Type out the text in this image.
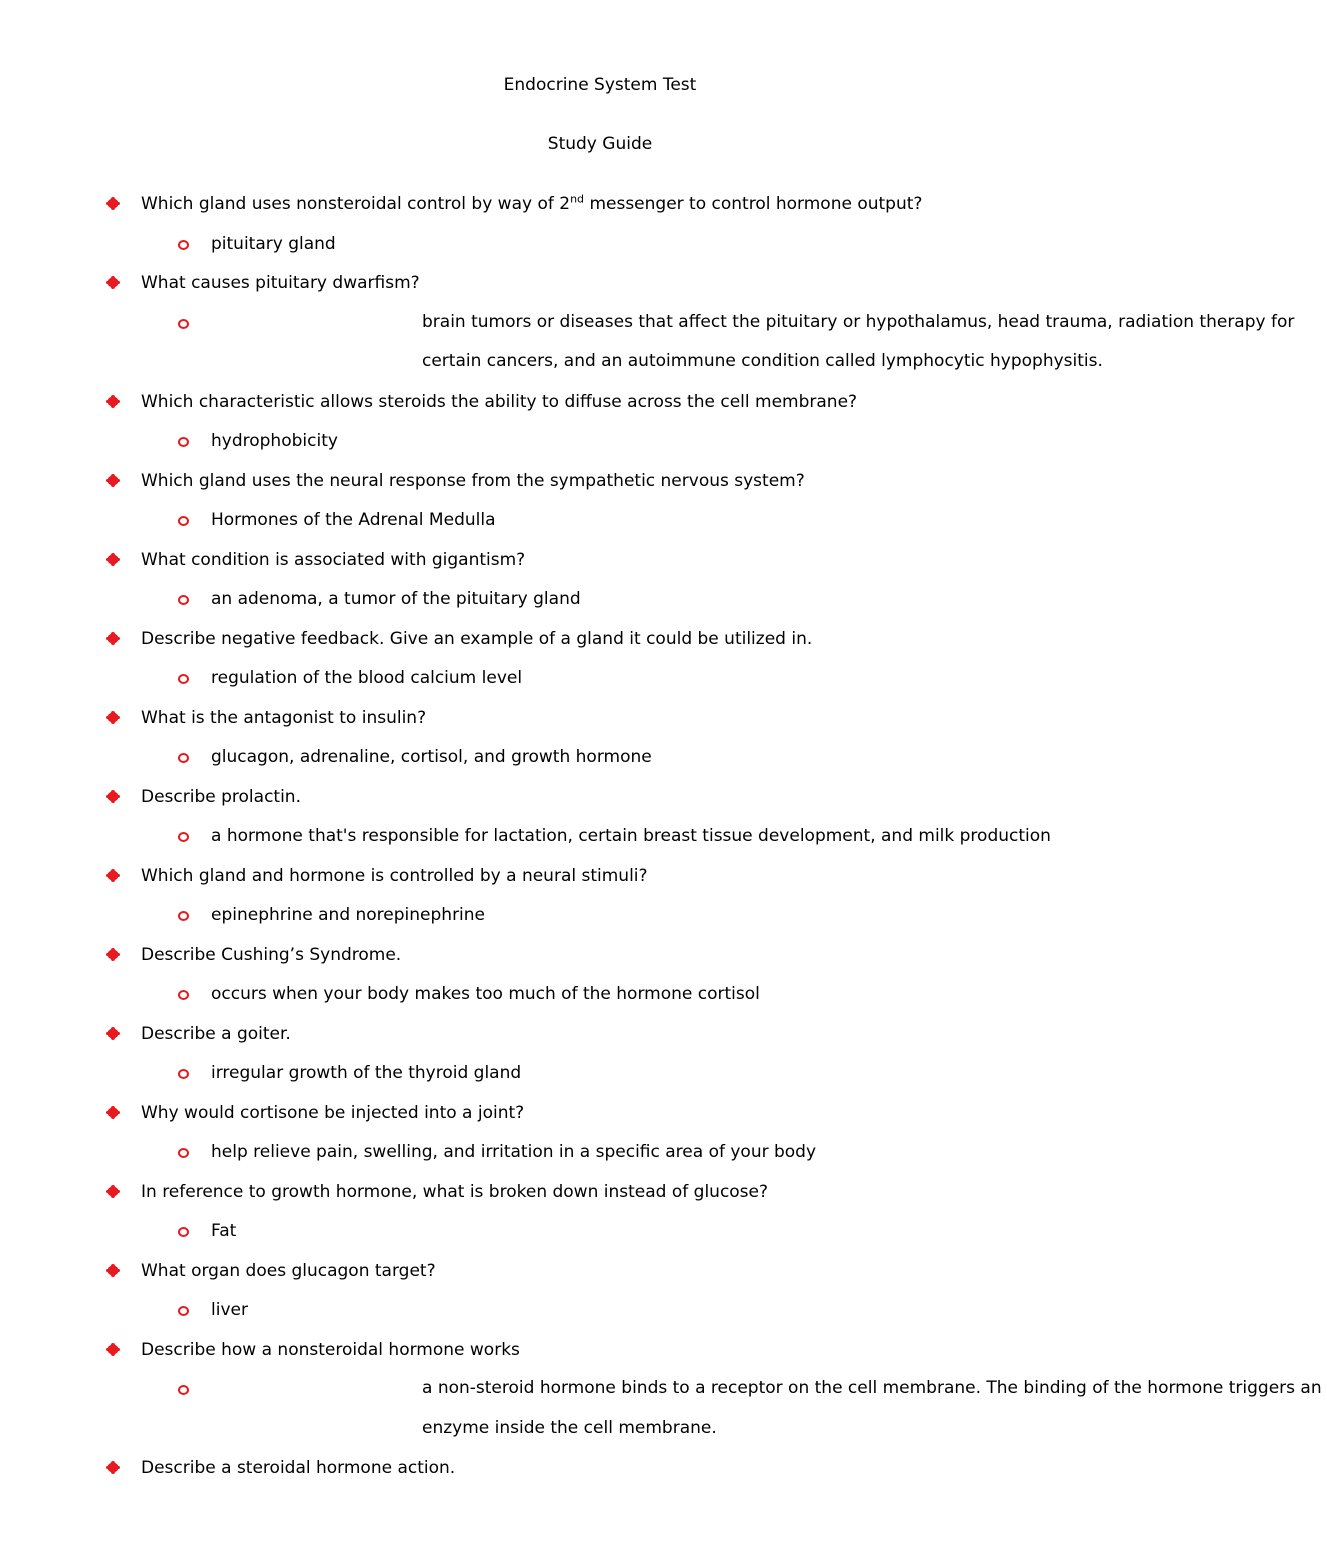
Endocrine System Test
Study Guide
Which gland uses nonsteroidal control by way of 2nd messenger to control hormone output?
pituitary gland
What causes pituitary dwarfism?
brain tumors or diseases that affect the pituitary or hypothalamus, head trauma, radiation therapy for certain cancers, and an autoimmune condition called lymphocytic hypophysitis.
Which characteristic allows steroids the ability to diffuse across the cell membrane?
hydrophobicity
Which gland uses the neural response from the sympathetic nervous system?
Hormones of the Adrenal Medulla
What condition is associated with gigantism?
an adenoma, a tumor of the pituitary gland
Describe negative feedback. Give an example of a gland it could be utilized in.
regulation of the blood calcium level
What is the antagonist to insulin?
glucagon, adrenaline, cortisol, and growth hormone
Describe prolactin.
a hormone that's responsible for lactation, certain breast tissue development, and milk production
Which gland and hormone is controlled by a neural stimuli?
epinephrine and norepinephrine
Describe Cushing’s Syndrome.
occurs when your body makes too much of the hormone cortisol
Describe a goiter.
irregular growth of the thyroid gland
Why would cortisone be injected into a joint?
help relieve pain, swelling, and irritation in a specific area of your body
In reference to growth hormone, what is broken down instead of glucose?
Fat
What organ does glucagon target?
liver
Describe how a nonsteroidal hormone works
a non-steroid hormone binds to a receptor on the cell membrane. The binding of the hormone triggers an enzyme inside the cell membrane.
Describe a steroidal hormone action.
